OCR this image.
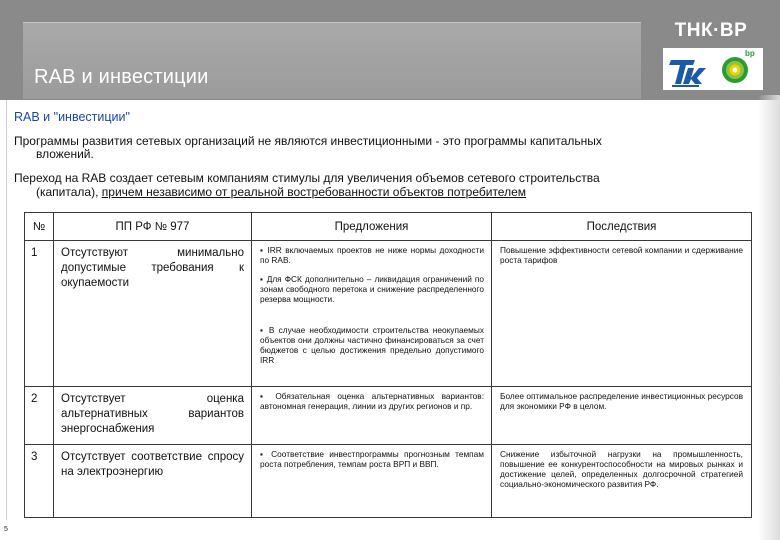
RAB и инвестиции
ТНК·BP
bp
RAB и "инвестиции"
Программы развития сетевых организаций не являются инвестиционными - это программы капитальных
вложений.
Переход на RAB создает сетевым компаниям стимулы для увеличения объемов сетевого строительства
(капитала), причем независимо от реальной востребованности объектов потребителем
№	ПП РФ № 977	Предложения	Последствия
1	Отсутствуют минимально допустимые требования к окупаемости	▪ IRR включаемых проектов не ниже нормы доходности по RAB.

▪ Для ФСК дополнительно – ликвидация ограничений по зонам свободного перетока и снижение распределенного резерва мощности.

▪ В случае необходимости строительства неокупаемых объектов они должны частично финансироваться за счет бюджетов с целью достижения предельно допустимого IRR	Повышение эффективности сетевой компании и сдерживание роста тарифов
2	Отсутствует оценка альтернативных вариантов энергоснабжения	▪ Обязательная оценка альтернативных вариантов: автономная генерация, линии из других регионов и пр.	Более оптимальное распределение инвестиционных ресурсов для экономики РФ в целом.
3	Отсутствует соответствие спросу на электроэнергию	▪ Соответствие инвестпрограммы прогнозным темпам роста потребления, темпам роста ВРП и ВВП.	Снижение избыточной нагрузки на промышленность, повышение ее конкурентоспособности на мировых рынках и достижение целей, определенных долгосрочной стратегией социально-экономического развития РФ.
5
